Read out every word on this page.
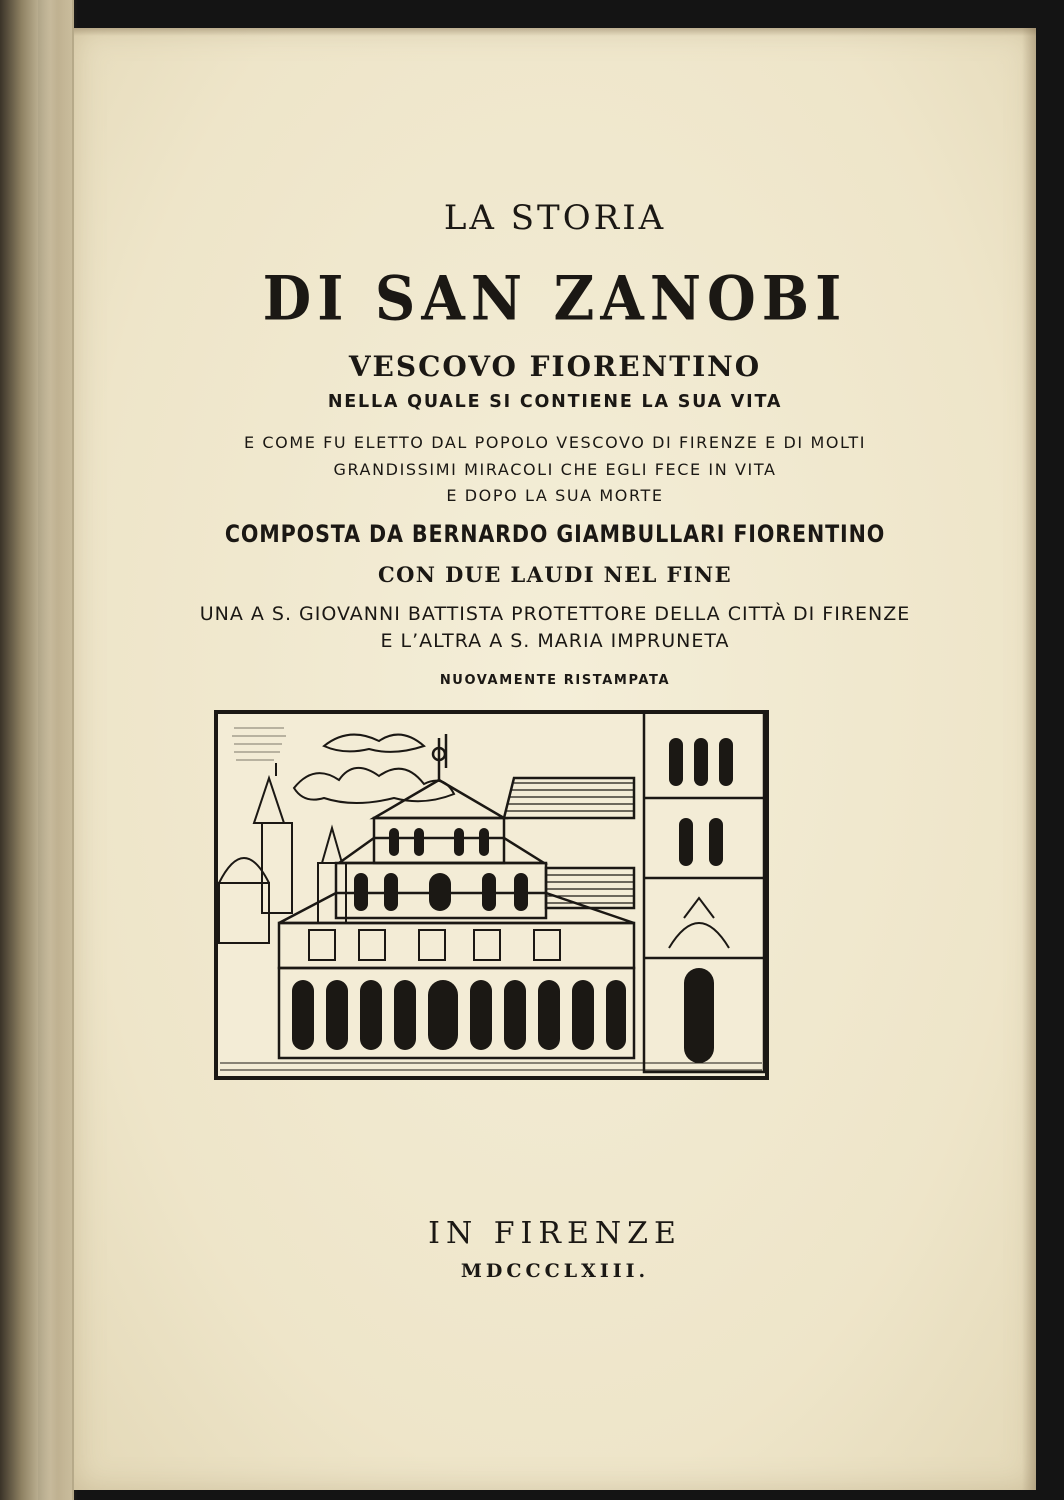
LA STORIA
DI SAN ZANOBI
VESCOVO FIORENTINO
NELLA QUALE SI CONTIENE LA SUA VITA
E COME FU ELETTO DAL POPOLO VESCOVO DI FIRENZE E DI MOLTI
GRANDISSIMI MIRACOLI CHE EGLI FECE IN VITA
E DOPO LA SUA MORTE
COMPOSTA DA BERNARDO GIAMBULLARI FIORENTINO
CON DUE LAUDI NEL FINE
UNA A S. GIOVANNI BATTISTA PROTETTORE DELLA CITTÀ DI FIRENZE
E L’ALTRA A S. MARIA IMPRUNETA
NUOVAMENTE RISTAMPATA
IN FIRENZE
MDCCCLXIII.
